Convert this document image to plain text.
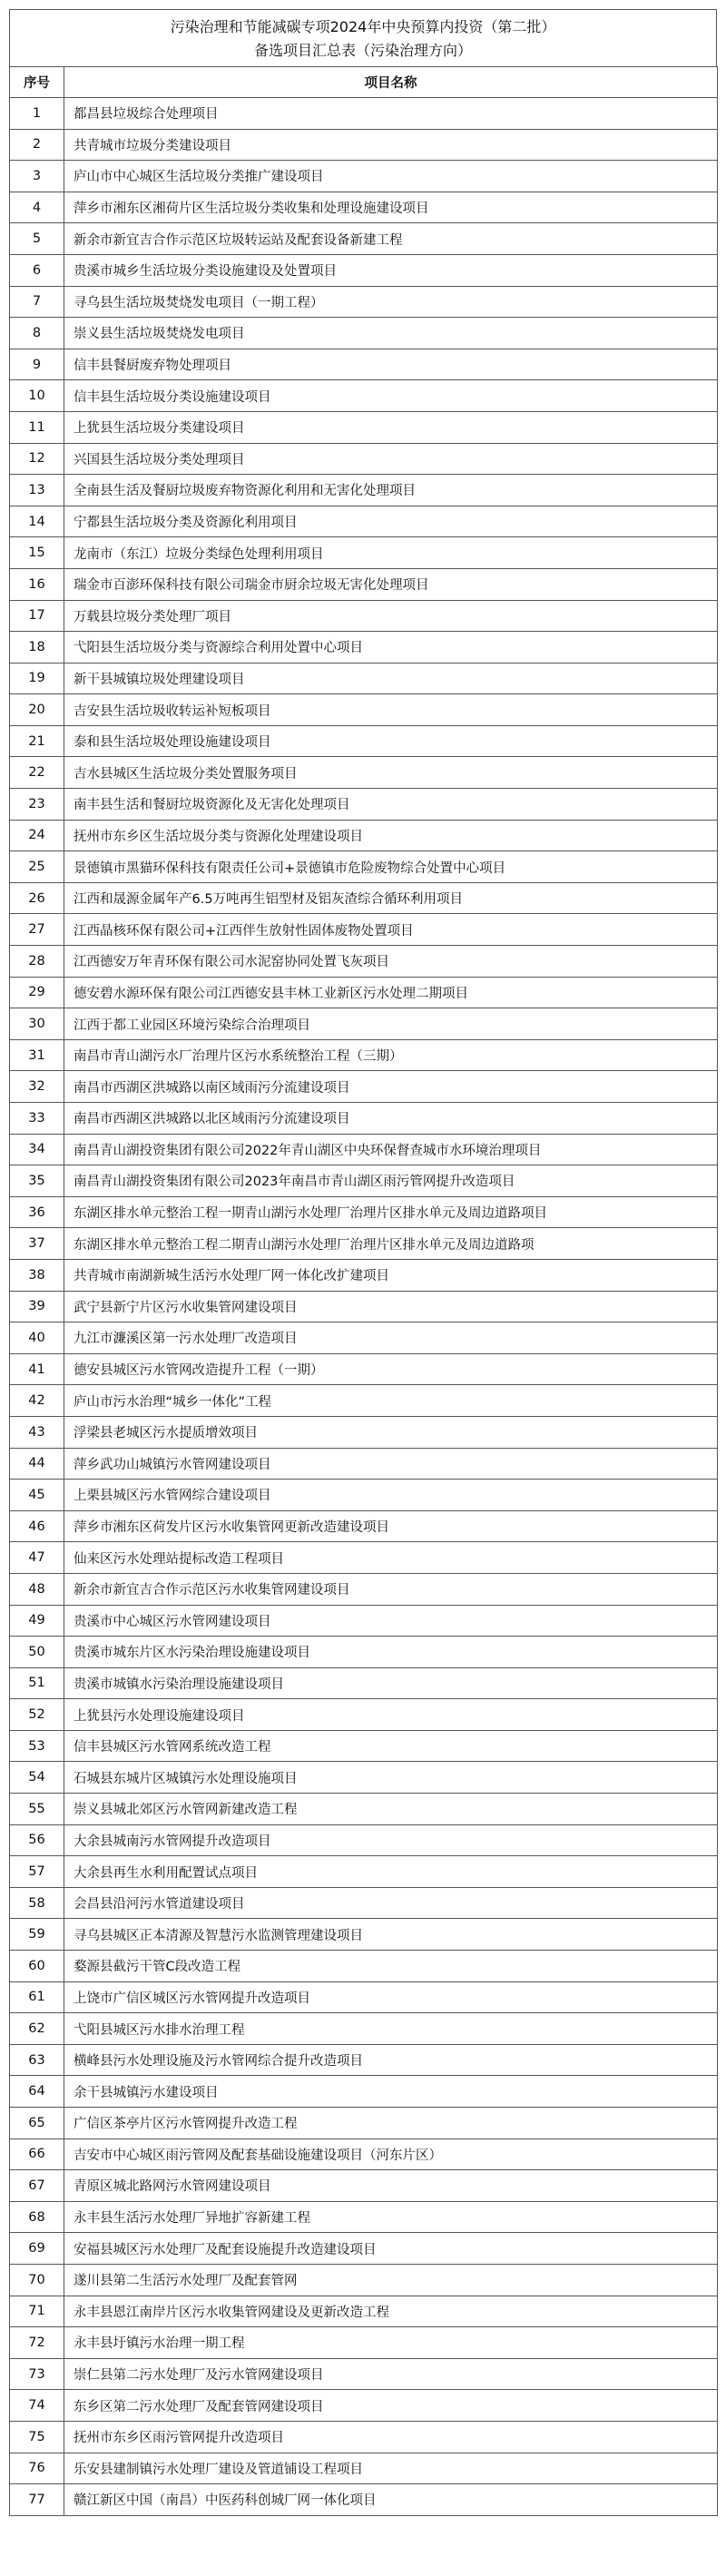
污染治理和节能减碳专项2024年中央预算内投资（第二批）
备选项目汇总表（污染治理方向）
序号	项目名称
1	都昌县垃圾综合处理项目
2	共青城市垃圾分类建设项目
3	庐山市中心城区生活垃圾分类推广建设项目
4	萍乡市湘东区湘荷片区生活垃圾分类收集和处理设施建设项目
5	新余市新宜吉合作示范区垃圾转运站及配套设备新建工程
6	贵溪市城乡生活垃圾分类设施建设及处置项目
7	寻乌县生活垃圾焚烧发电项目（一期工程）
8	崇义县生活垃圾焚烧发电项目
9	信丰县餐厨废弃物处理项目
10	信丰县生活垃圾分类设施建设项目
11	上犹县生活垃圾分类建设项目
12	兴国县生活垃圾分类处理项目
13	全南县生活及餐厨垃圾废弃物资源化利用和无害化处理项目
14	宁都县生活垃圾分类及资源化利用项目
15	龙南市（东江）垃圾分类绿色处理利用项目
16	瑞金市百澎环保科技有限公司瑞金市厨余垃圾无害化处理项目
17	万载县垃圾分类处理厂项目
18	弋阳县生活垃圾分类与资源综合利用处置中心项目
19	新干县城镇垃圾处理建设项目
20	吉安县生活垃圾收转运补短板项目
21	泰和县生活垃圾处理设施建设项目
22	吉水县城区生活垃圾分类处置服务项目
23	南丰县生活和餐厨垃圾资源化及无害化处理项目
24	抚州市东乡区生活垃圾分类与资源化处理建设项目
25	景德镇市黑猫环保科技有限责任公司+景德镇市危险废物综合处置中心项目
26	江西和晟源金属年产6.5万吨再生铝型材及铝灰渣综合循环利用项目
27	江西晶核环保有限公司+江西伴生放射性固体废物处置项目
28	江西德安万年青环保有限公司水泥窑协同处置飞灰项目
29	德安碧水源环保有限公司江西德安县丰林工业新区污水处理二期项目
30	江西于都工业园区环境污染综合治理项目
31	南昌市青山湖污水厂治理片区污水系统整治工程（三期）
32	南昌市西湖区洪城路以南区域雨污分流建设项目
33	南昌市西湖区洪城路以北区域雨污分流建设项目
34	南昌青山湖投资集团有限公司2022年青山湖区中央环保督查城市水环境治理项目
35	南昌青山湖投资集团有限公司2023年南昌市青山湖区雨污管网提升改造项目
36	东湖区排水单元整治工程一期青山湖污水处理厂治理片区排水单元及周边道路项目
37	东湖区排水单元整治工程二期青山湖污水处理厂治理片区排水单元及周边道路项
38	共青城市南湖新城生活污水处理厂网一体化改扩建项目
39	武宁县新宁片区污水收集管网建设项目
40	九江市濂溪区第一污水处理厂改造项目
41	德安县城区污水管网改造提升工程（一期）
42	庐山市污水治理“城乡一体化”工程
43	浮梁县老城区污水提质增效项目
44	萍乡武功山城镇污水管网建设项目
45	上栗县城区污水管网综合建设项目
46	萍乡市湘东区荷发片区污水收集管网更新改造建设项目
47	仙来区污水处理站提标改造工程项目
48	新余市新宜吉合作示范区污水收集管网建设项目
49	贵溪市中心城区污水管网建设项目
50	贵溪市城东片区水污染治理设施建设项目
51	贵溪市城镇水污染治理设施建设项目
52	上犹县污水处理设施建设项目
53	信丰县城区污水管网系统改造工程
54	石城县东城片区城镇污水处理设施项目
55	崇义县城北郊区污水管网新建改造工程
56	大余县城南污水管网提升改造项目
57	大余县再生水利用配置试点项目
58	会昌县沿河污水管道建设项目
59	寻乌县城区正本清源及智慧污水监测管理建设项目
60	婺源县截污干管C段改造工程
61	上饶市广信区城区污水管网提升改造项目
62	弋阳县城区污水排水治理工程
63	横峰县污水处理设施及污水管网综合提升改造项目
64	余干县城镇污水建设项目
65	广信区茶亭片区污水管网提升改造工程
66	吉安市中心城区雨污管网及配套基础设施建设项目（河东片区）
67	青原区城北路网污水管网建设项目
68	永丰县生活污水处理厂异地扩容新建工程
69	安福县城区污水处理厂及配套设施提升改造建设项目
70	遂川县第二生活污水处理厂及配套管网
71	永丰县恩江南岸片区污水收集管网建设及更新改造工程
72	永丰县圩镇污水治理一期工程
73	崇仁县第二污水处理厂及污水管网建设项目
74	东乡区第二污水处理厂及配套管网建设项目
75	抚州市东乡区雨污管网提升改造项目
76	乐安县建制镇污水处理厂建设及管道铺设工程项目
77	赣江新区中国（南昌）中医药科创城厂网一体化项目
